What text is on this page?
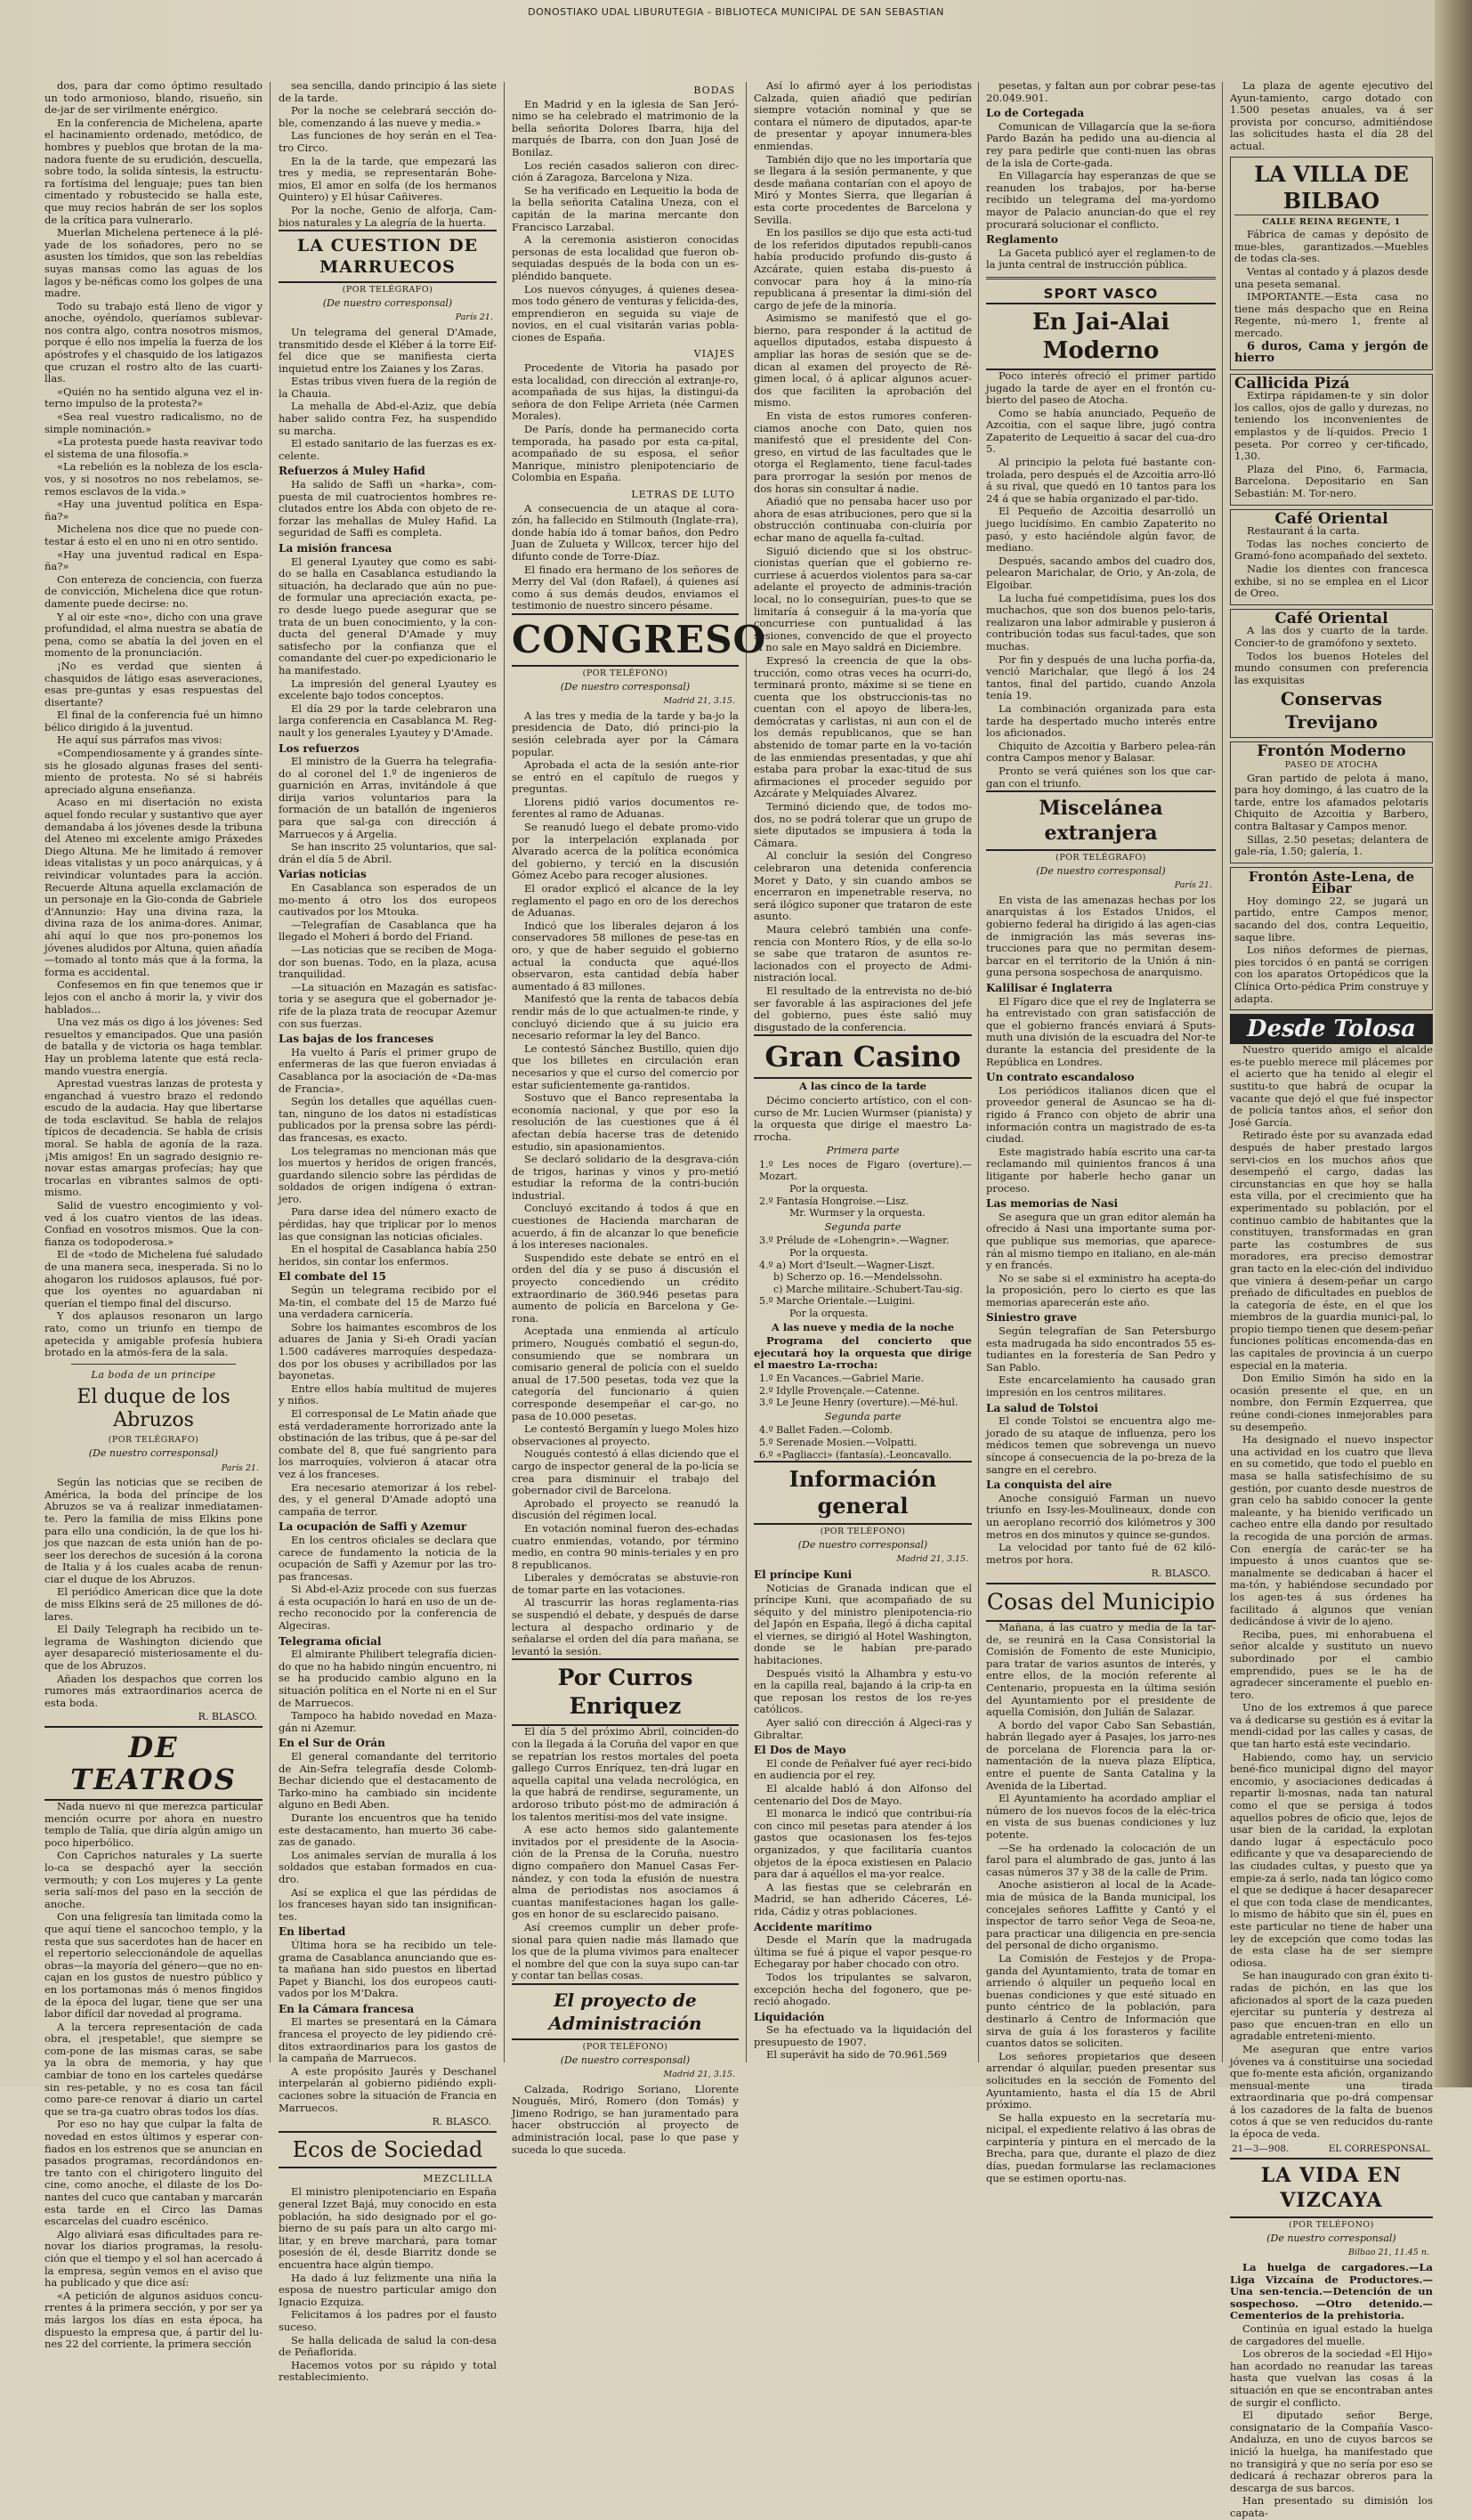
DONOSTIAKO UDAL LIBURUTEGIA - BIBLIOTECA MUNICIPAL DE SAN SEBASTIAN

dos, para dar como óptimo resultado un todo armonioso, blando, risueño, sin de-jar de ser virilmente enérgico.

En la conferencia de Michelena, aparte el hacinamiento ordenado, metódico, de hombres y pueblos que brotan de la ma-nadora fuente de su erudición, descuella, sobre todo, la solida síntesis, la estructu-ra fortísima del lenguaje; pues tan bien cimentado y robustecido se halla este, que muy recios habrán de ser los soplos de la crítica para vulnerarlo.

Muerlan Michelena pertenece á la plé-yade de los soñadores, pero no se asusten los tímidos, que son las rebeldías suyas mansas como las aguas de los lagos y be-néficas como los golpes de una madre.

Todo su trabajo está lleno de vigor y anoche, oyéndolo, queríamos sublevar-nos contra algo, contra nosotros mismos, porque é ello nos impelía la fuerza de los apóstrofes y el chasquido de los latigazos que cruzan el rostro alto de las cuarti-llas.

«Quién no ha sentido alguna vez el in-terno impulso de la protesta?»

«Sea real vuestro radicalismo, no de simple nominación.»

«La protesta puede hasta reavivar todo el sistema de una filosofía.»

«La rebelión es la nobleza de los escla-vos, y si nosotros no nos rebelamos, se-remos esclavos de la vida.»

«Hay una juventud política en Espa-ña?»

Michelena nos dice que no puede con-testar á esto el en uno ni en otro sentido.

«Hay una juventud radical en Espa-ña?»

Con entereza de conciencia, con fuerza de convicción, Michelena dice que rotun-damente puede decirse: no.

Y al oir este «no», dicho con una grave profundidad, el alma nuestra se abatía de pena, como se abatía la del joven en el momento de la pronunciación.

¡No es verdad que sienten á chasquidos de látigo esas aseveraciones, esas pre-guntas y esas respuestas del disertante?

El final de la conferencia fué un himno bélico dirigido á la juventud.

He aquí sus párrafos mas vivos:

«Compendiosamente y á grandes sínte-sis he glosado algunas frases del senti-miento de protesta. No sé si habréis apreciado alguna enseñanza.

Acaso en mi disertación no exista aquel fondo recular y sustantivo que ayer demandaba á los jóvenes desde la tribuna del Ateneo mi excelente amigo Práxedes Diego Altuna. Me he limitado á remover ideas vitalistas y un poco anárquicas, y á reivindicar voluntades para la acción. Recuerde Altuna aquella exclamación de un personaje en la Gio-conda de Gabriele d'Annunzio: Hay una divina raza, la divina raza de los anima-dores. Animar, ahí aquí lo que nos pro-ponemos los jóvenes aludidos por Altuna, quien añadía—tomado al tonto más que á la forma, la forma es accidental.

Confesemos en fin que tenemos que ir lejos con el ancho á morir la, y vivir dos hablados...

Una vez más os digo á los jóvenes: Sed resueltos y emancipados. Que una pasión de batalla y de victoria os haga temblar. Hay un problema latente que está recla-mando vuestra energía.

Aprestad vuestras lanzas de protesta y enganchad á vuestro brazo el redondo escudo de la audacia. Hay que libertarse de toda esclavitud. Se habla de relajos típicos de decadencia. Se habla de crisis moral. Se habla de agonía de la raza. ¡Mis amigos! En un sagrado designio re-novar estas amargas profecías; hay que trocarlas en vibrantes salmos de opti-mismo.

Salid de vuestro encogimiento y vol-ved á los cuatro vientos de las ideas. Confiad en vosotros mismos. Que la con-fianza os todopoderosa.»

El de «todo de Michelena fué saludado de una manera seca, inesperada. Si no lo ahogaron los ruidosos aplausos, fué por-que los oyentes no aguardaban ni querían el tiempo final del discurso.

Y dos aplausos resonaron un largo rato, como un triunfo en tiempo de apetecida y amigable profesía hubiera brotado en la atmós-fera de la sala.

La boda de un principe
El duque de los Abruzos
(POR TELÉGRAFO)
(De nuestro corresponsal)
París 21.

Según las noticias que se reciben de América, la boda del príncipe de los Abruzos se va á realizar inmediatamen-te. Pero la familia de miss Elkins pone para ello una condición, la de que los hi-jos que nazcan de esta unión han de po-seer los derechos de sucesión á la corona de Italia y á los cuales acaba de renun-ciar el duque de los Abruzos.

El periódico American dice que la dote de miss Elkins será de 25 millones de dó-lares.

El Daily Telegraph ha recibido un te-legrama de Washington diciendo que ayer desapareció misteriosamente el du-que de los Abruzos.

Añaden los despachos que corren los rumores más extraordinarios acerca de esta boda.

R. BLASCO.
DE TEATROS

Nada nuevo ni que merezca particular mención ocurre por ahora en nuestro templo de Talía, que diría algún amigo un poco hiperbólico.

Con Caprichos naturales y La suerte lo-ca se despachó ayer la sección vermouth; y con Los mujeres y La gente seria salí-mos del paso en la sección de anoche.

Con una feligresía tan limitada como la que aquí tiene el sancochoo templo, y la resta que sus sacerdotes han de hacer en el repertorio seleccionándole de aquellas obras—la mayoría del género—que no en-cajan en los gustos de nuestro público y en los portamonas más ó menos fingidos de la época del lugar, tiene que ser una labor difícil dar novedad al programa.

A la tercera representación de cada obra, el ¡respetable!, que siempre se com-pone de las mismas caras, se sabe ya la obra de memoria, y hay que cambiar de tono en los carteles quedárse sin res-petable, y no es cosa tan fácil como pare-ce renovar á diario un cartel que se tra-ga cuatro obras todos los días.

Por eso no hay que culpar la falta de novedad en estos últimos y esperar con-fiados en los estrenos que se anuncian en pasados programas, recordándonos en-tre tanto con el chirigotero linguito del cine, como anoche, el dilaste de los Do-nantes del cuco que cantaban y marcarán esta tarde en el Circo las Damas escarcelas del cuadro escénico.

Algo aliviará esas dificultades para re-novar los diarios programas, la resolu-ción que el tiempo y el sol han acercado á la empresa, según vemos en el aviso que ha publicado y que dice así:

«A petición de algunos asiduos concu-rrentes á la primera sección, y por ser ya más largos los días en esta época, ha dispuesto la empresa que, á partir del lu-nes 22 del corriente, la primera sección

sea sencilla, dando principio á las siete de la tarde.

Por la noche se celebrará sección do-ble, comenzando á las nueve y media.»

Las funciones de hoy serán en el Tea-tro Circo.

En la de la tarde, que empezará las tres y media, se representarán Bohe-mios, El amor en solfa (de los hermanos Quintero) y El húsar Cañiveres.

Por la noche, Genio de alforja, Cam-bios naturales y La alegría de la huerta.

LA CUESTION DE MARRUECOS
(POR TELÉGRAFO)
(De nuestro corresponsal)
París 21.

Un telegrama del general D'Amade, transmitido desde el Kléber á la torre Eif-fel dice que se manifiesta cierta inquietud entre los Zaianes y los Zaras.

Estas tribus viven fuera de la región de la Chauia.

La mehalla de Abd-el-Aziz, que debía haber salido contra Fez, ha suspendido su marcha.

El estado sanitario de las fuerzas es ex-celente.

Refuerzos á Muley Hafid

Ha salido de Saffi un «harka», com-puesta de mil cuatrocientos hombres re-clutados entre los Abda con objeto de re-forzar las mehallas de Muley Hafid. La seguridad de Saffi es completa.

La misión francesa

El general Lyautey que como es sabi-do se halla en Casablanca estudiando la situación, ha declarado que aún no pue-de formular una apreciación exacta, pe-ro desde luego puede asegurar que se trata de un buen conocimiento, y la con-ducta del general D'Amade y muy satisfecho por la confianza que el comandante del cuer-po expedicionario le ha manifestado.

La impresión del general Lyautey es excelente bajo todos conceptos.

El día 29 por la tarde celebraron una larga conferencia en Casablanca M. Reg-nault y los generales Lyautey y D'Amade.

Los refuerzos

El ministro de la Guerra ha telegrafia-do al coronel del 1.º de ingenieros de guarnición en Arras, invitándole á que dirija varios voluntarios para la formación de un batallón de ingenieros para que sal-ga con dirección á Marruecos y á Argelia.

Se han inscrito 25 voluntarios, que sal-drán el día 5 de Abril.

Varias noticias

En Casablanca son esperados de un mo-mento á otro los dos europeos cautivados por los Mtouka.

—Telegrafían de Casablanca que ha llegado el Moheri á bordo del Friand.

—Las noticias que se reciben de Moga-dor son buenas. Todo, en la plaza, acusa tranquilidad.

—La situación en Mazagán es satisfac-toria y se asegura que el gobernador je-rife de la plaza trata de reocupar Azemur con sus fuerzas.

Las bajas de los franceses

Ha vuelto á París el primer grupo de enfermeras de las que fueron enviadas á Casablanca por la asociación de «Da-mas de Francia».

Según los detalles que aquéllas cuen-tan, ninguno de los datos ni estadísticas publicados por la prensa sobre las pérdi-das francesas, es exacto.

Los telegramas no mencionan más que los muertos y heridos de origen francés, guardando silencio sobre las pérdidas de soldados de origen indígena ó extran-jero.

Para darse idea del número exacto de pérdidas, hay que triplicar por lo menos las que consignan las noticias oficiales.

En el hospital de Casablanca había 250 heridos, sin contar los enfermos.

El combate del 15

Según un telegrama recibido por el Ma-tin, el combate del 15 de Marzo fué una verdadera carnicería.

Sobre los haimantes escombros de los aduares de Jania y Si-eh Oradi yacían 1.500 cadáveres marroquíes despedaza-dos por los obuses y acribillados por las bayonetas.

Entre ellos había multitud de mujeres y niños.

El corresponsal de Le Matin añade que está verdaderamente horrorizado ante la obstinación de las tribus, que á pe-sar del combate del 8, que fué sangriento para los marroquíes, volvieron á atacar otra vez á los franceses.

Era necesario atemorizar á los rebel-des, y el general D'Amade adoptó una campaña de terror.

La ocupación de Saffi y Azemur

En los centros oficiales se declara que carece de fundamento la noticia de la ocupación de Saffi y Azemur por las tro-pas francesas.

Si Abd-el-Aziz procede con sus fuerzas á esta ocupación lo hará en uso de un de-recho reconocido por la conferencia de Algeciras.

Telegrama oficial

El almirante Philibert telegrafía dicien-do que no ha habido ningún encuentro, ni se ha producido cambio alguno en la situación política en el Norte ni en el Sur de Marruecos.

Tampoco ha habido novedad en Maza-gán ni Azemur.

En el Sur de Orán

El general comandante del territorio de Ain-Sefra telegrafía desde Colomb-Bechar diciendo que el destacamento de Tarko-mino ha cambiado sin incidente alguno en Bedi Aben.

Durante los encuentros que ha tenido este destacamento, han muerto 36 cabe-zas de ganado.

Los animales servían de muralla á los soldados que estaban formados en cua-dro.

Así se explica el que las pérdidas de los franceses hayan sido tan insignifican-tes.

En libertad

Última hora se ha recibido un tele-grama de Casablanca anunciando que es-ta mañana han sido puestos en libertad Papet y Bianchi, los dos europeos cauti-vados por los M'Dakra.

En la Cámara francesa

El martes se presentará en la Cámara francesa el proyecto de ley pidiendo cré-ditos extraordinarios para los gastos de la campaña de Marruecos.

A este propósito Jaurés y Deschanel interpelarán al gobierno pidiéndo expli-caciones sobre la situación de Francia en Marruecos.

R. BLASCO.
Ecos de Sociedad
MEZCLILLA

El ministro plenipotenciario en España general Izzet Bajá, muy conocido en esta población, ha sido designado por el go-bierno de su país para un alto cargo mi-litar, y en breve marchará, para tomar posesión de él, desde Biarritz donde se encuentra hace algún tiempo.

Ha dado á luz felizmente una niña la esposa de nuestro particular amigo don Ignacio Ezquiza.

Felicitamos á los padres por el fausto suceso.

Se halla delicada de salud la con-desa de Peñaflorida.

Hacemos votos por su rápido y total restablecimiento.

BODAS

En Madrid y en la iglesia de San Jeró-nimo se ha celebrado el matrimonio de la bella señorita Dolores Ibarra, hija del marqués de Ibarra, con don Juan José de Bonilaz.

Los recién casados salieron con direc-ción á Zaragoza, Barcelona y Niza.

Se ha verificado en Lequeitio la boda de la bella señorita Catalina Uneza, con el capitán de la marina mercante don Francisco Larzabal.

A la ceremonia asistieron conocidas personas de esta localidad que fueron ob-sequiadas después de la boda con un es-pléndido banquete.

Los nuevos cónyuges, á quienes desea-mos todo género de venturas y felicida-des, emprendieron en seguida su viaje de novios, en el cual visitarán varias pobla-ciones de España.

VIAJES

Procedente de Vitoria ha pasado por esta localidad, con dirección al extranje-ro, acompañada de sus hijas, la distingui-da señora de don Felipe Arrieta (née Carmen Morales).

De París, donde ha permanecido corta temporada, ha pasado por esta ca-pital, acompañado de su esposa, el señor Manrique, ministro plenipotenciario de Colombia en España.

LETRAS DE LUTO

A consecuencia de un ataque al cora-zón, ha fallecido en Stilmouth (Inglate-rra), donde había ido á tomar baños, don Pedro Juan de Zulueta y Willcox, tercer hijo del difunto conde de Torre-Díaz.

El finado era hermano de los señores de Merry del Val (don Rafael), á quienes así como á sus demás deudos, enviamos el testimonio de nuestro sincero pésame.

CONGRESO
(POR TELÉFONO)
(De nuestro corresponsal)
Madrid 21, 3.15.

A las tres y media de la tarde y ba-jo la presidencia de Dato, dió princi-pio la sesión celebrada ayer por la Cámara popular.

Aprobada el acta de la sesión ante-rior se entró en el capítulo de ruegos y preguntas.

Llorens pidió varios documentos re-ferentes al ramo de Aduanas.

Se reanudó luego el debate promo-vido por la interpelación explanada por Alvarado acerca de la política económica del gobierno, y terció en la discusión Gómez Acebo para recoger alusiones.

El orador explicó el alcance de la ley reglamento el pago en oro de los derechos de Aduanas.

Indicó que los liberales dejaron á los conservadores 58 millones de pese-tas en oro, y que de haber seguido el gobierno actual la conducta que aqué-llos observaron, esta cantidad debía haber aumentado á 83 millones.

Manifestó que la renta de tabacos debía rendir más de lo que actualmen-te rinde, y concluyó diciendo que á su juicio era necesario reformar la ley del Banco.

Le contestó Sánchez Bustillo, quien dijo que los billetes en circulación eran necesarios y que el curso del comercio por estar suficientemente ga-rantidos.

Sostuvo que el Banco representaba la economía nacional, y que por eso la resolución de las cuestiones que á él afectan debía hacerse tras de detenido estudio, sin apasionamientos.

Se declaró solidario de la desgrava-ción de trigos, harinas y vinos y pro-metió estudiar la reforma de la contri-bución industrial.

Concluyó excitando á todos á que en cuestiones de Hacienda marcharan de acuerdo, á fin de alcanzar lo que beneficie á los intereses nacionales.

Suspendido este debate se entró en el orden del día y se puso á discusión el proyecto concediendo un crédito extraordinario de 360.946 pesetas para aumento de policía en Barcelona y Ge-rona.

Aceptada una enmienda al artículo primero, Nougués combatió el segun-do, consumiendo que se nombrara un comisario general de policía con el sueldo anual de 17.500 pesetas, toda vez que la categoría del funcionario á quien corresponde desempeñar el car-go, no pasa de 10.000 pesetas.

Le contestó Bergamín y luego Moles hizo observaciones al proyecto.

Nougués contestó á ellas diciendo que el cargo de inspector general de la po-licía se crea para disminuir el trabajo del gobernador civil de Barcelona.

Aprobado el proyecto se reanudó la discusión del régimen local.

En votación nominal fueron des-echadas cuatro enmiendas, votando, por término medio, en contra 90 minis-teriales y en pro 8 republicanos.

Liberales y demócratas se abstuvie-ron de tomar parte en las votaciones.

Al trascurrir las horas reglamenta-rias se suspendió el debate, y después de darse lectura al despacho ordinario y de señalarse el orden del día para mañana, se levantó la sesión.

Por Curros Enriquez

El día 5 del próximo Abril, coinciden-do con la llegada á la Coruña del vapor en que se repatrían los restos mortales del poeta gallego Curros Enríquez, ten-drá lugar en aquella capital una velada necrológica, en la que habrá de rendirse, seguramente, un ardoroso tributo póst-mo de admiración á los talentos meritísi-mos del vate insigne.

A ese acto hemos sido galantemente invitados por el presidente de la Asocia-ción de la Prensa de la Coruña, nuestro digno compañero don Manuel Casas Fer-nández, y con toda la efusión de nuestra alma de periodistas nos asociamos á cuantas manifestaciones hagan los galle-gos en honor de su esclarecido paisano.

Así creemos cumplir un deber profe-sional para quien nadie más llamado que los que de la pluma vivimos para enaltecer el nombre del que con la suya supo can-tar y contar tan bellas cosas.

El proyecto de Administración
(POR TELÉFONO)
(De nuestro corresponsal)
Madrid 21, 3.15.

Calzada, Rodrigo Soriano, Llorente Nougués, Miró, Romero (don Tomás) y Jimeno Rodrigo, se han juramentado para hacer obstrucción al proyecto de administración local, pase lo que pase y suceda lo que suceda.

Así lo afirmó ayer á los periodistas Calzada, quien añadió que pedirían siempre votación nominal y que se contara el número de diputados, apar-te de presentar y apoyar innumera-bles enmiendas.

También dijo que no les importaría que se llegara á la sesión permanente, y que desde mañana contarían con el apoyo de Miró y Montes Sierra, que llegarían á esta corte procedentes de Barcelona y Sevilla.

En los pasillos se dijo que esta acti-tud de los referidos diputados republi-canos había producido profundo dis-gusto á Azcárate, quien estaba dis-puesto á convocar para hoy á la mino-ría republicana á presentar la dimi-sión del cargo de jefe de la minoría.

Asimismo se manifestó que el go-bierno, para responder á la actitud de aquellos diputados, estaba dispuesto á ampliar las horas de sesión que se de-dican al examen del proyecto de Ré-gimen local, ó á aplicar algunos acuer-dos que faciliten la aprobación del mismo.

En vista de estos rumores conferen-ciamos anoche con Dato, quien nos manifestó que el presidente del Con-greso, en virtud de las facultades que le otorga el Reglamento, tiene facul-tades para prorrogar la sesión por menos de dos horas sin consultar á nadie.

Añadió que no pensaba hacer uso por ahora de esas atribuciones, pero que si la obstrucción continuaba con-cluiría por echar mano de aquella fa-cultad.

Siguió diciendo que si los obstruc-cionistas querían que el gobierno re-curriese á acuerdos violentos para sa-car adelante el proyecto de adminis-tración local, no lo conseguirían, pues-to que se limitaría á conseguir á la ma-yoría que concurriese con puntualidad á las sesiones, convencido de que el proyecto sí no sale en Mayo saldrá en Diciembre.

Expresó la creencia de que la obs-trucción, como otras veces ha ocurri-do, terminará pronto, máxime si se tiene en cuenta que los obstruccionis-tas no cuentan con el apoyo de libera-les, demócratas y carlistas, ni aun con el de los demás republicanos, que se han abstenido de tomar parte en la vo-tación de las enmiendas presentadas, y que ahí estaba para probar la exac-titud de sus afirmaciones el proceder seguido por Azcárate y Melquíades Alvarez.

Terminó diciendo que, de todos mo-dos, no se podrá tolerar que un grupo de siete diputados se impusiera á toda la Cámara.

Al concluir la sesión del Congreso celebraron una detenida conferencia Moret y Dato, y sin cuando ambos se encerraron en impenetrable reserva, no será ilógico suponer que trataron de este asunto.

Maura celebró también una confe-rencia con Montero Ríos, y de ella so-lo se sabe que trataron de asuntos re-lacionados con el proyecto de Admi-nistración local.

El resultado de la entrevista no de-bió ser favorable á las aspiraciones del jefe del gobierno, pues éste salió muy disgustado de la conferencia.

Gran Casino
A las cinco de la tarde

Décimo concierto artístico, con el con-curso de Mr. Lucien Wurmser (pianista) y la orquesta que dirige el maestro La-rrocha.

Primera parte
1.º Les noces de Figaro (overture).—Mozart.
Por la orquesta.
2.º Fantasía Hongroise.—Lisz.
Mr. Wurmser y la orquesta.
Segunda parte
3.º Prélude de «Lohengrin».—Wagner.
Por la orquesta.
4.º a) Mort d'Iseult.—Wagner-Liszt.
b) Scherzo op. 16.—Mendelssohn.
c) Marche militaire.-Schubert-Tau-sig.
5.º Marche Orientale.—Luigini.
Por la orquesta.
A las nueve y media de la noche

Programa del concierto que ejecutará hoy la orquesta que dirige el maestro La-rrocha:

1.º En Vacances.—Gabriel Marie.
2.º Idylle Provençale.—Catenne.
3.º Le Jeune Henry (overture).—Mé-hul.
Segunda parte
4.º Ballet Faden.—Colomb.
5.º Serenade Mosien.—Volpatti.
6.º «Pagliacci» (fantasía).-Leoncavallo.
Información general
(POR TELÉFONO)
(De nuestro corresponsal)
Madrid 21, 3.15.
El príncipe Kuni

Noticias de Granada indican que el príncipe Kuni, que acompañado de su séquito y del ministro plenipotencia-rio del Japón en España, llegó á dicha capital el viernes, se dirigió al Hotel Washington, donde se le habían pre-parado habitaciones.

Después visitó la Alhambra y estu-vo en la capilla real, bajando á la crip-ta en que reposan los restos de los re-yes católicos.

Ayer salió con dirección á Algeci-ras y Gibraltar.

El Dos de Mayo

El conde de Peñalver fué ayer reci-bido en audiencia por el rey.

El alcalde habló á don Alfonso del centenario del Dos de Mayo.

El monarca le indicó que contribui-ría con cinco mil pesetas para atender á los gastos que ocasionasen los fes-tejos organizados, y que facilitaría cuantos objetos de la época existiesen en Palacio para dar á aquéllos el ma-yor realce.

A las fiestas que se celebrarán en Madrid, se han adherido Cáceres, Lé-rida, Cádiz y otras poblaciones.

Accidente marítimo

Desde el Marín que la madrugada última se fué á pique el vapor pesque-ro Echegaray por haber chocado con otro.

Todos los tripulantes se salvaron, excepción hecha del fogonero, que pe-reció ahogado.

Liquidación

Se ha efectuado va la liquidación del presupuesto de 1907.

El superávit ha sido de 70.961.569

pesetas, y faltan aun por cobrar pese-tas 20.049.901.

Lo de Cortegada

Comunican de Villagarcía que la se-ñora Pardo Bazán ha pedido una au-diencia al rey para pedirle que conti-nuen las obras de la isla de Corte-gada.

En Villagarcía hay esperanzas de que se reanuden los trabajos, por ha-berse recibido un telegrama del ma-yordomo mayor de Palacio anuncian-do que el rey procurará solucionar el conflicto.

Reglamento

La Gaceta publicó ayer el reglamen-to de la junta central de instrucción pública.

SPORT VASCO
En Jai-Alai Moderno

Poco interés ofreció el primer partido jugado la tarde de ayer en el frontón cu-bierto del paseo de Atocha.

Como se había anunciado, Pequeño de Azcoitia, con el saque libre, jugó contra Zapaterito de Lequeitio á sacar del cua-dro 5.

Al principio la pelota fué bastante con-trolada, pero después el de Azcoitia arro-lló á su rival, que quedó en 10 tantos para los 24 á que se había organizado el par-tido.

El Pequeño de Azcoitia desarrolló un juego lucidísimo. En cambio Zapaterito no pasó, y esto haciéndole algún favor, de mediano.

Después, sacando ambos del cuadro dos, pelearon Marichalar, de Orio, y An-zola, de Elgoibar.

La lucha fué competidísima, pues los dos muchachos, que son dos buenos pelo-taris, realizaron una labor admirable y pusieron á contribución todas sus facul-tades, que son muchas.

Por fin y después de una lucha porfia-da, venció Marichalar, que llegó á los 24 tantos, final del partido, cuando Anzola tenía 19.

La combinación organizada para esta tarde ha despertado mucho interés entre los aficionados.

Chiquito de Azcoitia y Barbero pelea-rán contra Campos menor y Balasar.

Pronto se verá quiénes son los que car-gan con el triunfo.

Miscelánea extranjera
(POR TELÉGRAFO)
(De nuestro corresponsal)
París 21.

En vista de las amenazas hechas por los anarquistas á los Estados Unidos, el gobierno federal ha dirigido á las agen-cias de inmigración las más severas ins-trucciones para que no permitan desem-barcar en el territorio de la Unión á nin-guna persona sospechosa de anarquismo.

Kalilisar é Inglaterra

El Fígaro dice que el rey de Inglaterra se ha entrevistado con gran satisfacción de que el gobierno francés enviará á Sputs-muth una división de la escuadra del Nor-te durante la estancia del presidente de la República en Londres.

Un contrato escandaloso

Los periódicos italianos dicen que el proveedor general de Asuncao se ha di-rigido á Franco con objeto de abrir una información contra un magistrado de es-ta ciudad.

Este magistrado había escrito una car-ta reclamando mil quinientos francos á una litigante por haberle hecho ganar un proceso.

Las memorias de Nasi

Se asegura que un gran editor alemán ha ofrecido á Nasi una importante suma por-que publique sus memorias, que aparece-rán al mismo tiempo en italiano, en ale-mán y en francés.

No se sabe si el exministro ha acepta-do la proposición, pero lo cierto es que las memorias aparecerán este año.

Siniestro grave

Según telegrafían de San Petersburgo esta madrugada ha sido encontrados 55 es-tudiantes en la forestería de San Pedro y San Pablo.

Este encarcelamiento ha causado gran impresión en los centros militares.

La salud de Tolstoi

El conde Tolstoi se encuentra algo me-jorado de su ataque de influenza, pero los médicos temen que sobrevenga un nuevo síncope á consecuencia de la po-breza de la sangre en el cerebro.

La conquista del aire

Anoche consiguió Farman un nuevo triunfo en Issy-les-Moulineaux, donde con un aeroplano recorrió dos kilómetros y 300 metros en dos minutos y quince se-gundos.

La velocidad por tanto fué de 62 kiló-metros por hora.

R. BLASCO.
Cosas del Municipio

Mañana, á las cuatro y media de la tar-de, se reunirá en la Casa Consistorial la Comisión de Fomento de este Municipio, para tratar de varios asuntos de interés, y entre ellos, de la moción referente al Centenario, propuesta en la última sesión del Ayuntamiento por el presidente de aquella Comisión, don Julián de Salazar.

A bordo del vapor Cabo San Sebastián, habrán llegado ayer á Pasajes, los jarro-nes de porcelana de Florencia para la or-namentación de la nueva plaza Elíptica, entre el puente de Santa Catalina y la Avenida de la Libertad.

El Ayuntamiento ha acordado ampliar el número de los nuevos focos de la eléc-trica en vista de sus buenas condiciones y luz potente.

—Se ha ordenado la colocación de un farol para el alumbrado de gas, junto á las casas números 37 y 38 de la calle de Prim.

Anoche asistieron al local de la Acade-mia de música de la Banda municipal, los concejales señores Laffitte y Cantó y el inspector de tarro señor Vega de Seoa-ne, para practicar una diligencia en pre-sencia del personal de dicho organismo.

La Comisión de Festejos y de Propa-ganda del Ayuntamiento, trata de tomar en arriendo ó alquiler un pequeño local en buenas condiciones y que esté situado en punto céntrico de la población, para destinarlo á Centro de Información que sirva de guía á los forasteros y facilite cuantos datos se soliciten.

Los señores propietarios que deseen arrendar ó alquilar, pueden presentar sus solicitudes en la sección de Fomento del Ayuntamiento, hasta el día 15 de Abril próximo.

Se halla expuesto en la secretaría mu-nicipal, el expediente relativo á las obras de carpintería y pintura en el mercado de la Brecha, para que, durante el plazo de diez días, puedan formularse las reclamaciones que se estimen oportu-nas.

La plaza de agente ejecutivo del Ayun-tamiento, cargo dotado con 1.500 pesetas anuales, va á ser provista por concurso, admitiéndose las solicitudes hasta el día 28 del actual.

LA VILLA DE BILBAO
CALLE REINA REGENTE, 1

Fábrica de camas y depósito de mue-bles, garantizados.—Muebles de todas cla-ses.

Ventas al contado y á plazos desde una peseta semanal.

IMPORTANTE.—Esta casa no tiene más despacho que en Reina Regente, nú-mero 1, frente al mercado.

6 duros, Cama y jergón de hierro

Callicida Pizá

Extirpa rápidamen-te y sin dolor los callos, ojos de gallo y durezas, no teniendo los inconvenientes de emplastos y de lí-quidos. Precio 1 peseta. Por correo y cer-tificado, 1,30.

Plaza del Pino, 6, Farmacia, Barcelona. Depositario en San Sebastián: M. Tor-nero.

Café Oriental

Restaurant á la carta.

Todas las noches concierto de Gramó-fono acompañado del sexteto.

Nadie los dientes con francesca exhibe, si no se emplea en el Licor de Oreo.

Café Oriental

A las dos y cuarto de la tarde. Concier-to de gramófono y sexteto.

Todos los buenos Hoteles del mundo consumen con preferencia las exquisitas

Conservas Trevijano
Frontón Moderno
PASEO DE ATOCHA

Gran partido de pelota á mano, para hoy domingo, á las cuatro de la tarde, entre los afamados pelotaris Chiquito de Azcoitia y Barbero, contra Baltasar y Campos menor.

Sillas, 2.50 pesetas; delantera de gale-ría, 1.50; galería, 1.

Frontón Aste-Lena, de Eibar

Hoy domingo 22, se jugará un partido, entre Campos menor, sacando del dos, contra Lequeitio, saque libre.

Los niños deformes de piernas, pies torcidos ó en pantá se corrigen con los aparatos Ortopédicos que la Clínica Orto-pédica Prim construye y adapta.

Desde Tolosa

Nuestro querido amigo el alcalde es-te pueblo merece mil plácemes por el acierto que ha tenido al elegir el sustitu-to que habrá de ocupar la vacante que dejó el que fué inspector de policía tantos años, el señor don José García.

Retirado éste por su avanzada edad después de haber prestado largos servi-cios en los muchos años que desempeñó el cargo, dadas las circunstancias en que hoy se halla esta villa, por el crecimiento que ha experimentado su población, por el continuo cambio de habitantes que la constituyen, transformadas en gran parte las costumbres de sus moradores, era preciso demostrar gran tacto en la elec-ción del individuo que viniera á desem-peñar un cargo preñado de dificultades en pueblos de la categoría de éste, en el que los miembros de la guardia munici-pal, lo propio tiempo tienen que desem-peñar funciones políticas encomenda-das en las capitales de provincia á un cuerpo especial en la materia.

Don Emilio Simón ha sido en la ocasión presente el que, en un nombre, don Fermín Ezquerrea, que reúne condi-ciones inmejorables para su desempeño.

Ha designado el nuevo inspector una actividad en los cuatro que lleva en su cometido, que todo el pueblo en masa se halla satisfechísimo de su gestión, por cuanto desde nuestros de gran celo ha sabido conocer la gente maleante, y ha bienido verificado un cacheo entre ella dando por resultado la recogida de una porción de armas. Con energía de carác-ter se ha impuesto á unos cuantos que se-manalmente se dedicaban á hacer el ma-tón, y habiéndose secundado por los agen-tes á sus órdenes ha facilitado á algunos que venían dedicándose á vivir de lo ajeno.

Reciba, pues, mi enhorabuena el señor alcalde y sustituto un nuevo subordinado por el cambio emprendido, pues se le ha de agradecer sinceramente el pueblo en-tero.

Uno de los extremos á que parece va á dedicarse su gestión es á evitar la mendi-cidad por las calles y casas, de que tan harto está este vecindario.

Habiendo, como hay, un servicio bené-fico municipal digno del mayor encomio, y asociaciones dedicadas á repartir li-mosnas, nada tan natural como el que se persiga á todos aquellos pobres de oficio que, lejos de usar bien de la caridad, la explotan dando lugar á espectáculo poco edificante y que va desapareciendo de las ciudades cultas, y puesto que ya empie-za á serlo, nada tan lógico como el que se dedique á hacer desaparecer el que con toda clase de mendicantes, lo mismo de hábito que sin él, pues en este particular no tiene de haber una ley de excepción que como todas las de esta clase ha de ser siempre odiosa.

Se han inaugurado con gran éxito ti-radas de pichón, en las que los aficionados al sport de la caza pueden ejercitar su puntería y destreza al paso que encuen-tran en ello un agradable entreteni-miento.

Me aseguran que entre varios jóvenes va á constituirse una sociedad que fo-mente esta afición, organizando mensual-mente una tirada extraordinaria que po-drá compensar á los cazadores de la falta de buenos cotos á que se ven reducidos du-rante la época de veda.

21—3—908.	EL CORRESPONSAL.
LA VIDA EN VIZCAYA
(POR TELÉFONO)
(De nuestro corresponsal)
Bilbao 21, 11.45 n.

La huelga de cargadores.—La Liga Vizcaína de Productores.—Una sen-tencia.—Detención de un sospechoso. —Otro detenido.—Cementerios de la prehistoria.

Continúa en igual estado la huelga de cargadores del muelle.

Los obreros de la sociedad «El Hijo» han acordado no reanudar las tareas hasta que vuelvan las cosas á la situación en que se encontraban antes de surgir el conflicto.

El diputado señor Berge, consignatario de la Compañía Vasco-Andaluza, en uno de cuyos barcos se inició la huelga, ha manifestado que no transigirá y que no sería por eso se dedicará á rechazar obreros para la descarga de sus barcos.

Han presentado su dimisión los capata-
